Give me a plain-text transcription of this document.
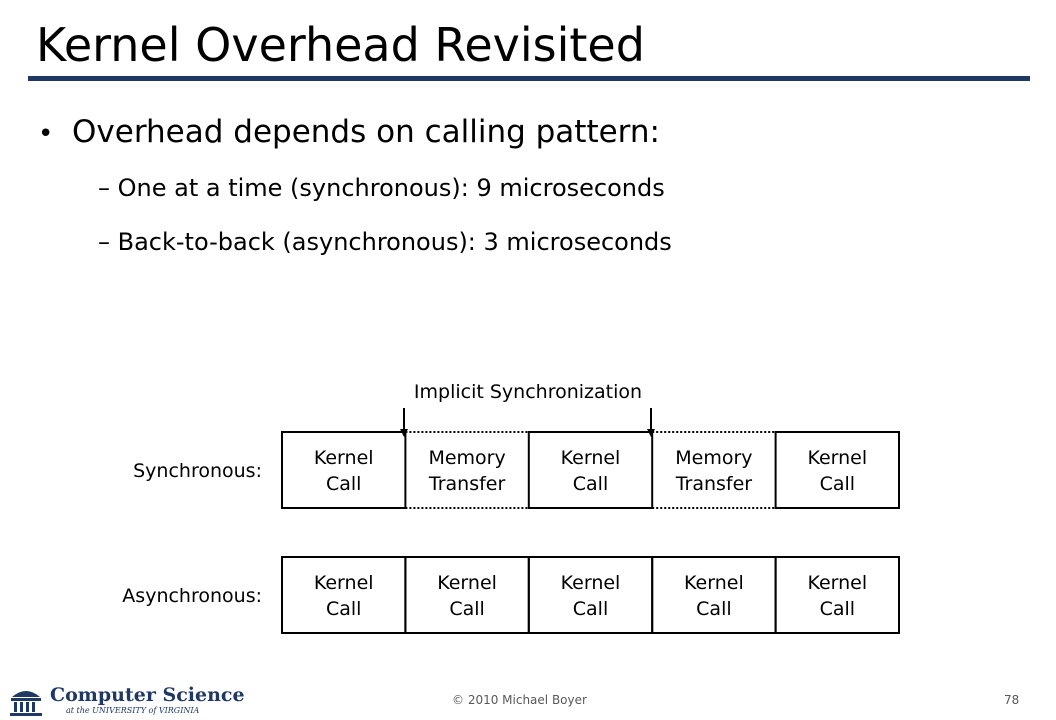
Kernel Overhead Revisited
• Overhead depends on calling pattern:
– One at a time (synchronous): 9 microseconds
– Back-to-back (asynchronous): 3 microseconds
Implicit Synchronization
Synchronous:
Kernel
Call
Memory
Transfer
Kernel
Call
Memory
Transfer
Kernel
Call
Asynchronous:
Kernel
Call
Kernel
Call
Kernel
Call
Kernel
Call
Kernel
Call
Computer Science
at the UNIVERSITY of VIRGINIA
© 2010 Michael Boyer	78
